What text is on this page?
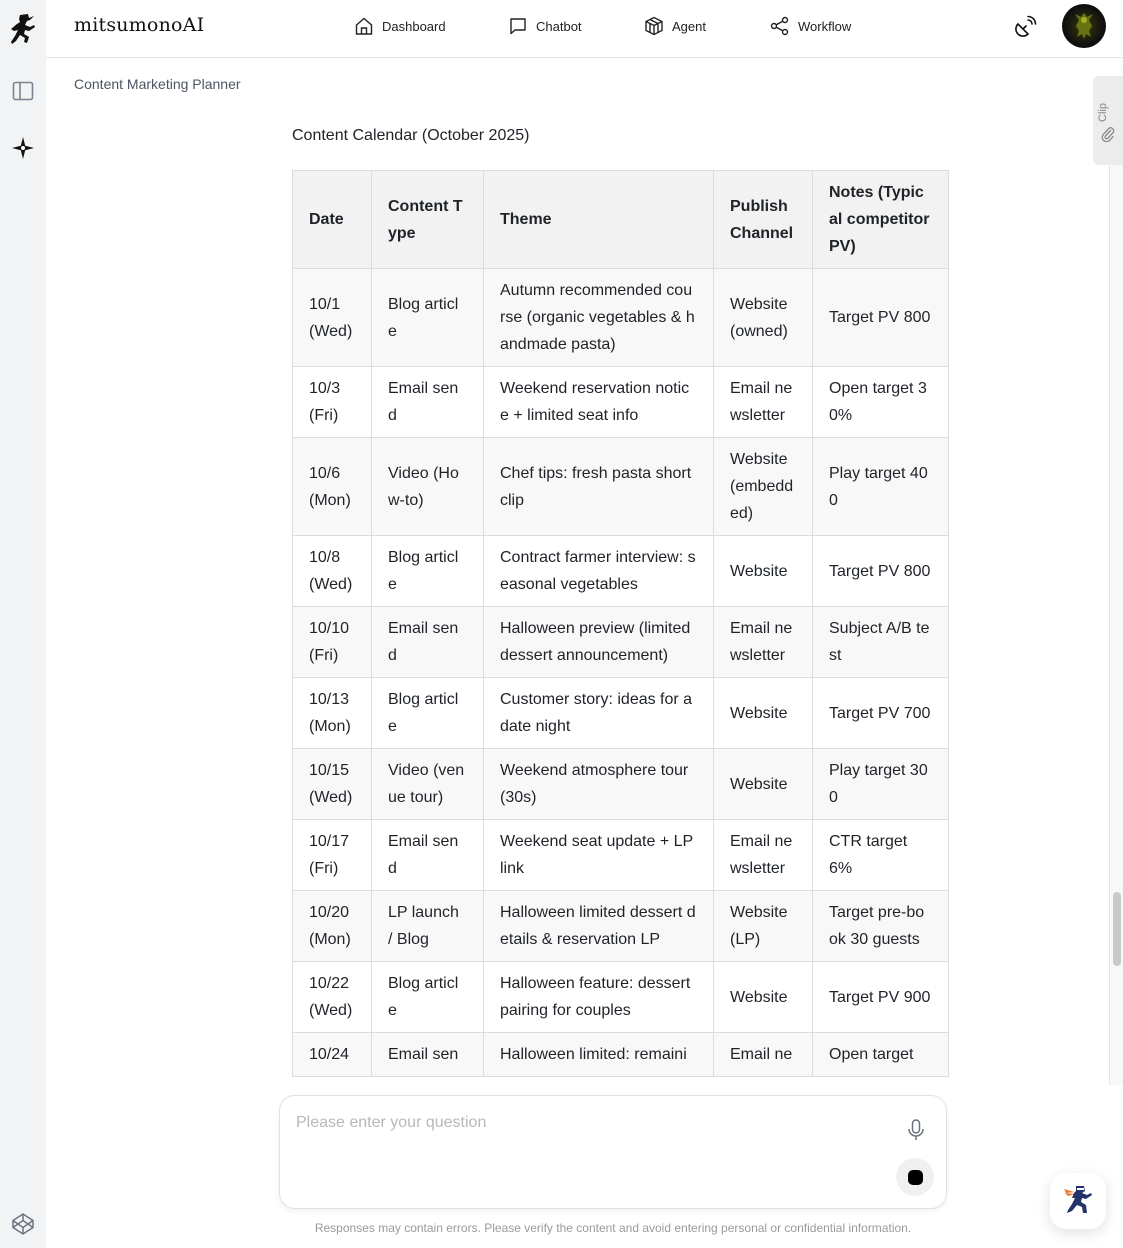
mitsumonoAI	Dashboard	Chatbot	Agent	Workflow
Content Marketing Planner
Clip
Content Calendar (October 2025)
Date	Content Type	Theme	Publish Channel	Notes (Typical competitor PV)
10/1 (Wed)	Blog article	Autumn recommended course (organic vegetables & handmade pasta)	Website (owned)	Target PV 800
10/3 (Fri)	Email send	Weekend reservation notice + limited seat info	Email newsletter	Open target 30%
10/6 (Mon)	Video (How-to)	Chef tips: fresh pasta short clip	Website (embedded)	Play target 400
10/8 (Wed)	Blog article	Contract farmer interview: seasonal vegetables	Website	Target PV 800
10/10 (Fri)	Email send	Halloween preview (limited dessert announcement)	Email newsletter	Subject A/B test
10/13 (Mon)	Blog article	Customer story: ideas for a date night	Website	Target PV 700
10/15 (Wed)	Video (venue tour)	Weekend atmosphere tour (30s)	Website	Play target 300
10/17 (Fri)	Email send	Weekend seat update + LP link	Email newsletter	CTR target 6%
10/20 (Mon)	LP launch / Blog	Halloween limited dessert details & reservation LP	Website (LP)	Target pre-book 30 guests
10/22 (Wed)	Blog article	Halloween feature: dessert pairing for couples	Website	Target PV 900
10/24	Email sen	Halloween limited: remaini	Email ne	Open target
Please enter your question
Responses may contain errors. Please verify the content and avoid entering personal or confidential information.
